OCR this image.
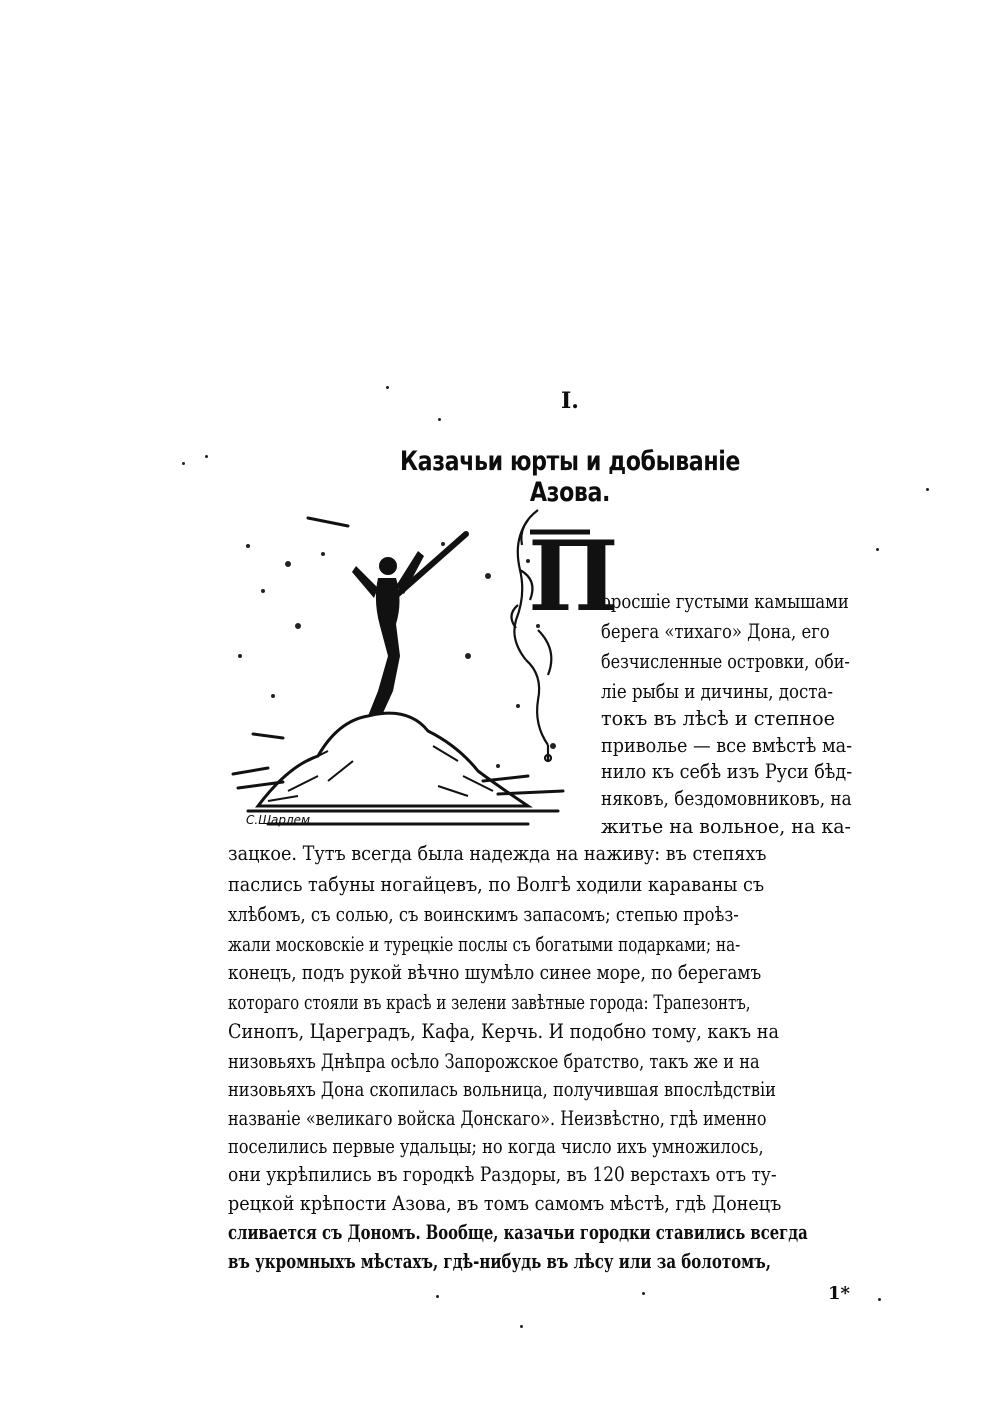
I.
Казачьи юрты и добываніе Азова.
С.Шарлем
П
оросшіе густыми камышами
берега «тихаго» Дона, его
безчисленные островки, оби-
ліе рыбы и дичины, доста-
токъ въ лѣсѣ и степное
приволье — все вмѣстѣ ма-
нило къ себѣ изъ Руси бѣд-
няковъ, бездомовниковъ, на
житье на вольное, на ка-
зацкое. Тутъ всегда была надежда на наживу: въ степяхъ
паслись табуны ногайцевъ, по Волгѣ ходили караваны съ
хлѣбомъ, съ солью, съ воинскимъ запасомъ; степью проѣз-
жали московскіе и турецкіе послы съ богатыми подарками; на-
конецъ, подъ рукой вѣчно шумѣло синее море, по берегамъ
котораго стояли въ красѣ и зелени завѣтные города: Трапезонтъ,
Синопъ, Цареградъ, Кафа, Керчь. И подобно тому, какъ на
низовьяхъ Днѣпра осѣло Запорожское братство, такъ же и на
низовьяхъ Дона скопилась вольница, получившая впослѣдствіи
названіе «великаго войска Донскаго». Неизвѣстно, гдѣ именно
поселились первые удальцы; но когда число ихъ умножилось,
они укрѣпились въ городкѣ Раздоры, въ 120 верстахъ отъ ту-
рецкой крѣпости Азова, въ томъ самомъ мѣстѣ, гдѣ Донецъ
сливается съ Дономъ. Вообще, казачьи городки ставились всегда
въ укромныхъ мѣстахъ, гдѣ-нибудь въ лѣсу или за болотомъ,
1*
